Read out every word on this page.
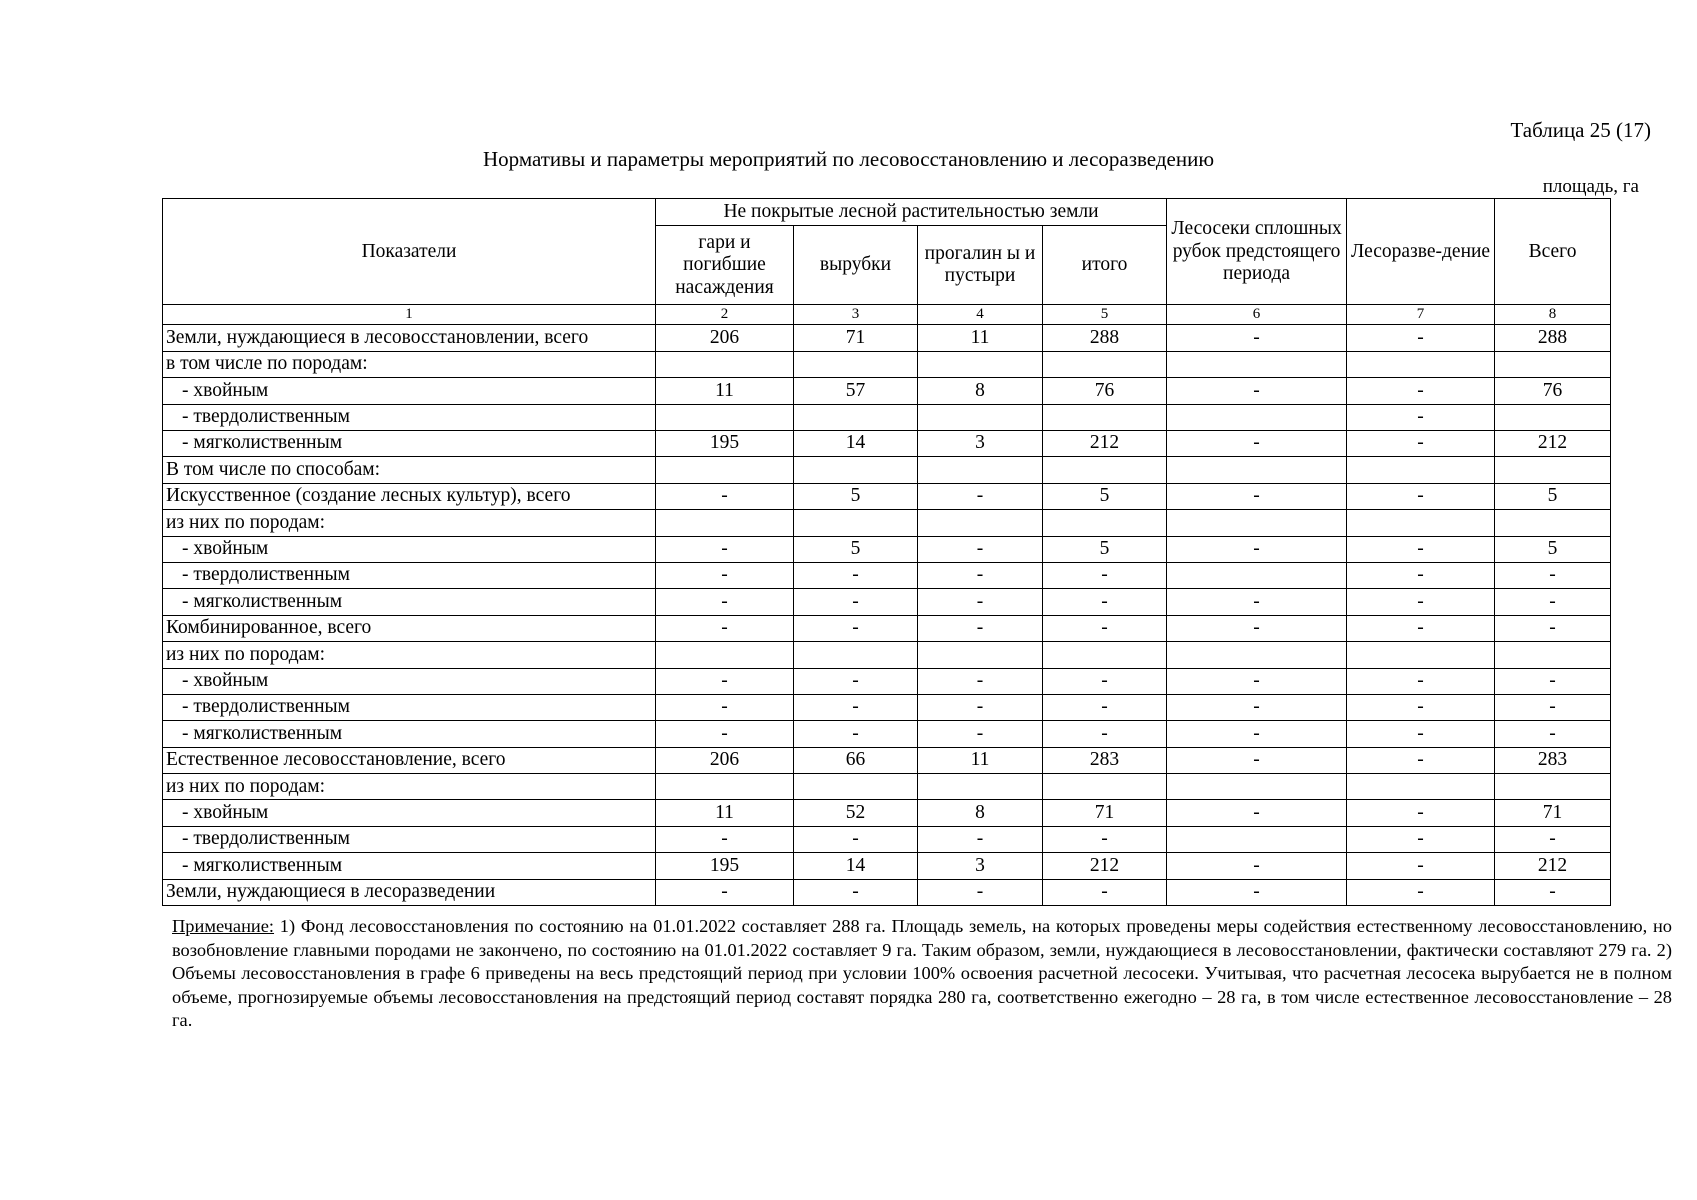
Таблица 25 (17)
Нормативы и параметры мероприятий по лесовосстановлению и лесоразведению
площадь, га
Показатели	Не покрытые лесной растительностью земли				Лесосеки сплошных рубок предстоящего периода	Лесоразве-дение	Всего
	гари и погибшие насаждения	вырубки	прогалин ы и пустыри	итого			
1	2	3	4	5	6	7	8
Земли, нуждающиеся в лесовосстановлении, всего	206	71	11	288	-	-	288
в том числе по породам:							
- хвойным	11	57	8	76	-	-	76
- твердолиственным						-	
- мягколиственным	195	14	3	212	-	-	212
В том числе по способам:							
Искусственное (создание лесных культур), всего	-	5	-	5	-	-	5
из них по породам:							
- хвойным	-	5	-	5	-	-	5
- твердолиственным	-	-	-	-		-	-
- мягколиственным	-	-	-	-	-	-	-
Комбинированное, всего	-	-	-	-	-	-	-
из них по породам:							
- хвойным	-	-	-	-	-	-	-
- твердолиственным	-	-	-	-	-	-	-
- мягколиственным	-	-	-	-	-	-	-
Естественное лесовосстановление, всего	206	66	11	283	-	-	283
из них по породам:							
- хвойным	11	52	8	71	-	-	71
- твердолиственным	-	-	-	-		-	-
- мягколиственным	195	14	3	212	-	-	212
Земли, нуждающиеся в лесоразведении	-	-	-	-	-	-	-
Примечание: 1) Фонд лесовосстановления по состоянию на 01.01.2022 составляет 288 га. Площадь земель, на которых проведены меры содействия естественному лесовосстановлению, но возобновление главными породами не закончено, по состоянию на 01.01.2022 составляет 9 га. Таким образом, земли, нуждающиеся в лесовосстановлении, фактически составляют 279 га. 2) Объемы лесовосстановления в графе 6 приведены на весь предстоящий период при условии 100% освоения расчетной лесосеки. Учитывая, что расчетная лесосека вырубается не в полном объеме, прогнозируемые объемы лесовосстановления на предстоящий период составят порядка 280 га, соответственно ежегодно – 28 га, в том числе естественное лесовосстановление – 28 га.
